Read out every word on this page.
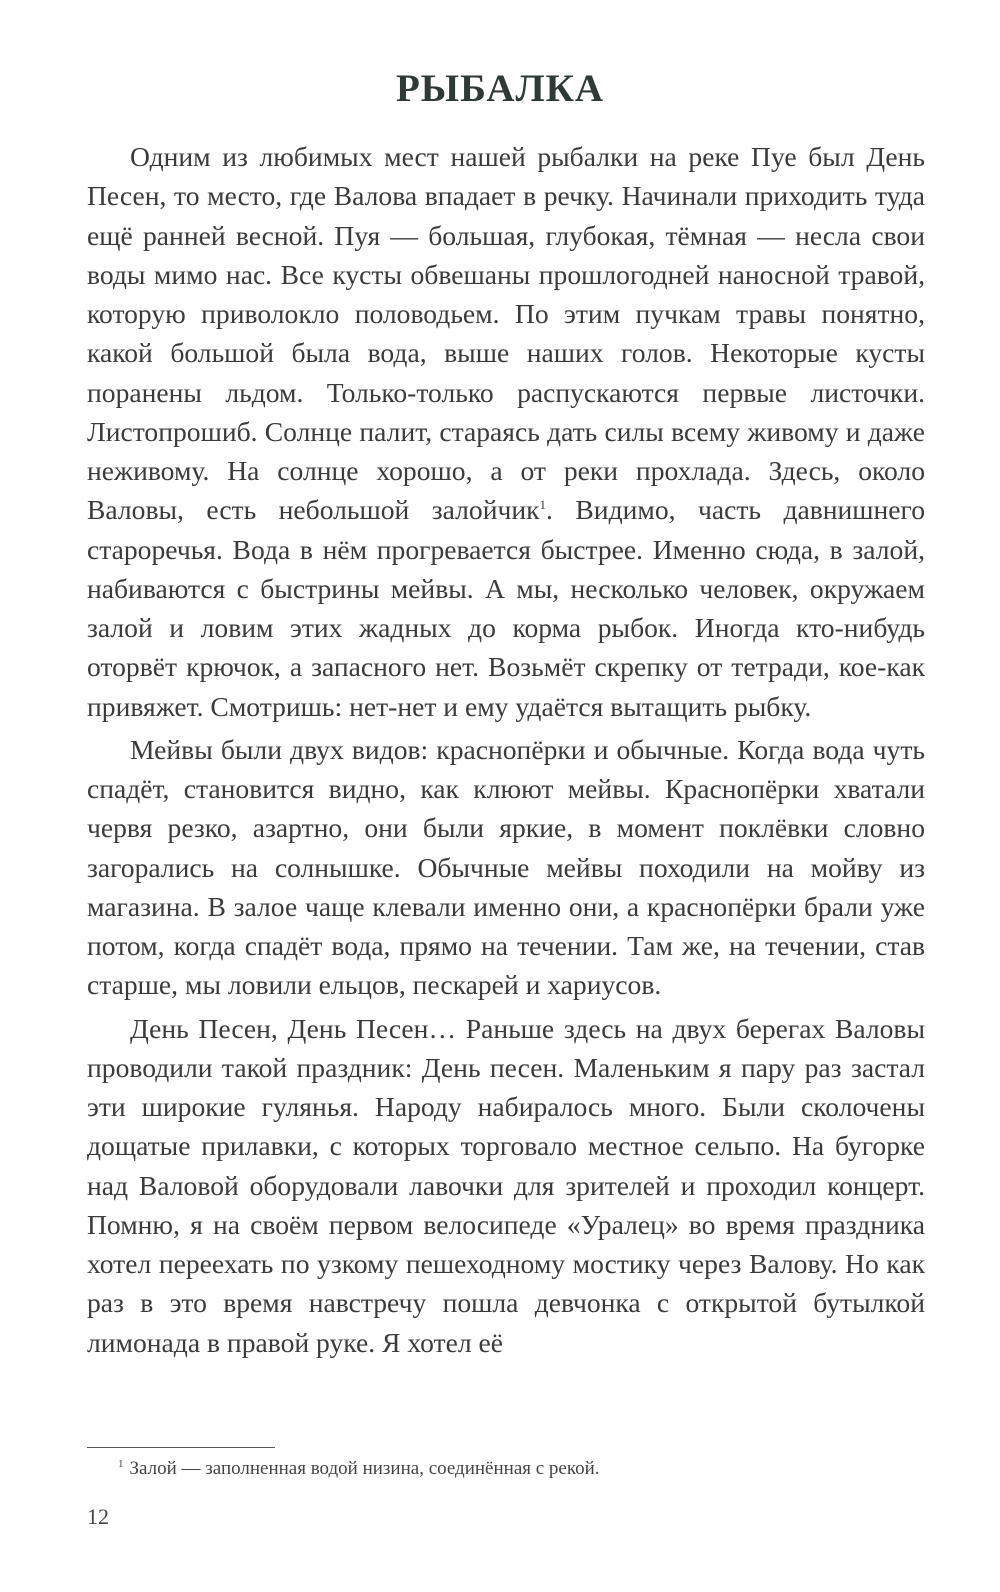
РЫБАЛКА

Одним из любимых мест нашей рыбалки на реке Пуе был День Песен, то место, где Валова впадает в речку. Начинали приходить туда ещё ранней весной. Пуя — большая, глубокая, тёмная — несла свои воды мимо нас. Все кусты обвешаны прошлогодней наносной травой, которую приволокло половодьем. По этим пучкам травы понятно, какой большой была вода, выше наших голов. Некоторые кусты поранены льдом. Только-только распускаются первые листочки. Листопрошиб. Солнце палит, стараясь дать силы всему живому и даже неживому. На солнце хорошо, а от реки прохлада. Здесь, около Валовы, есть небольшой залойчик$^1$. Видимо, часть давнишнего старoречья. Вода в нём прогревается быстрее. Именно сюда, в залой, набиваются с быстрины мейвы. А мы, несколько человек, окружаем залой и ловим этих жадных до корма рыбок. Иногда кто-нибудь оторвёт крючок, а запасного нет. Возьмёт скрепку от тетради, кое-как привяжет. Смотришь: нет-нет и ему удаётся вытащить рыбку.

Мейвы были двух видов: краснопёрки и обычные. Когда вода чуть спадёт, становится видно, как клюют мейвы. Краснопёрки хватали червя резко, азартно, они были яркие, в момент поклёвки словно загорались на солнышке. Обычные мейвы походили на мойву из магазина. В залое чаще клевали именно они, а краснопёрки брали уже потом, когда спадёт вода, прямо на течении. Там же, на течении, став старше, мы ловили ельцов, пескарей и хариусов.

День Песен, День Песен… Раньше здесь на двух берегах Валовы проводили такой праздник: День песен. Маленьким я пару раз застал эти широкие гулянья. Народу набиралось много. Были сколочены дощатые прилавки, с которых торговало местное сельпо. На бугорке над Валовой оборудовали лавочки для зрителей и проходил концерт. Помню, я на своём первом велосипеде «Уралец» во время праздника хотел переехать по узкому пешеходному мостику через Валову. Но как раз в это время навстречу пошла девчонка с открытой бутылкой лимонада в правой руке. Я хотел её

$^1$ Залой — заполненная водой низина, соединённая с рекой.

12
